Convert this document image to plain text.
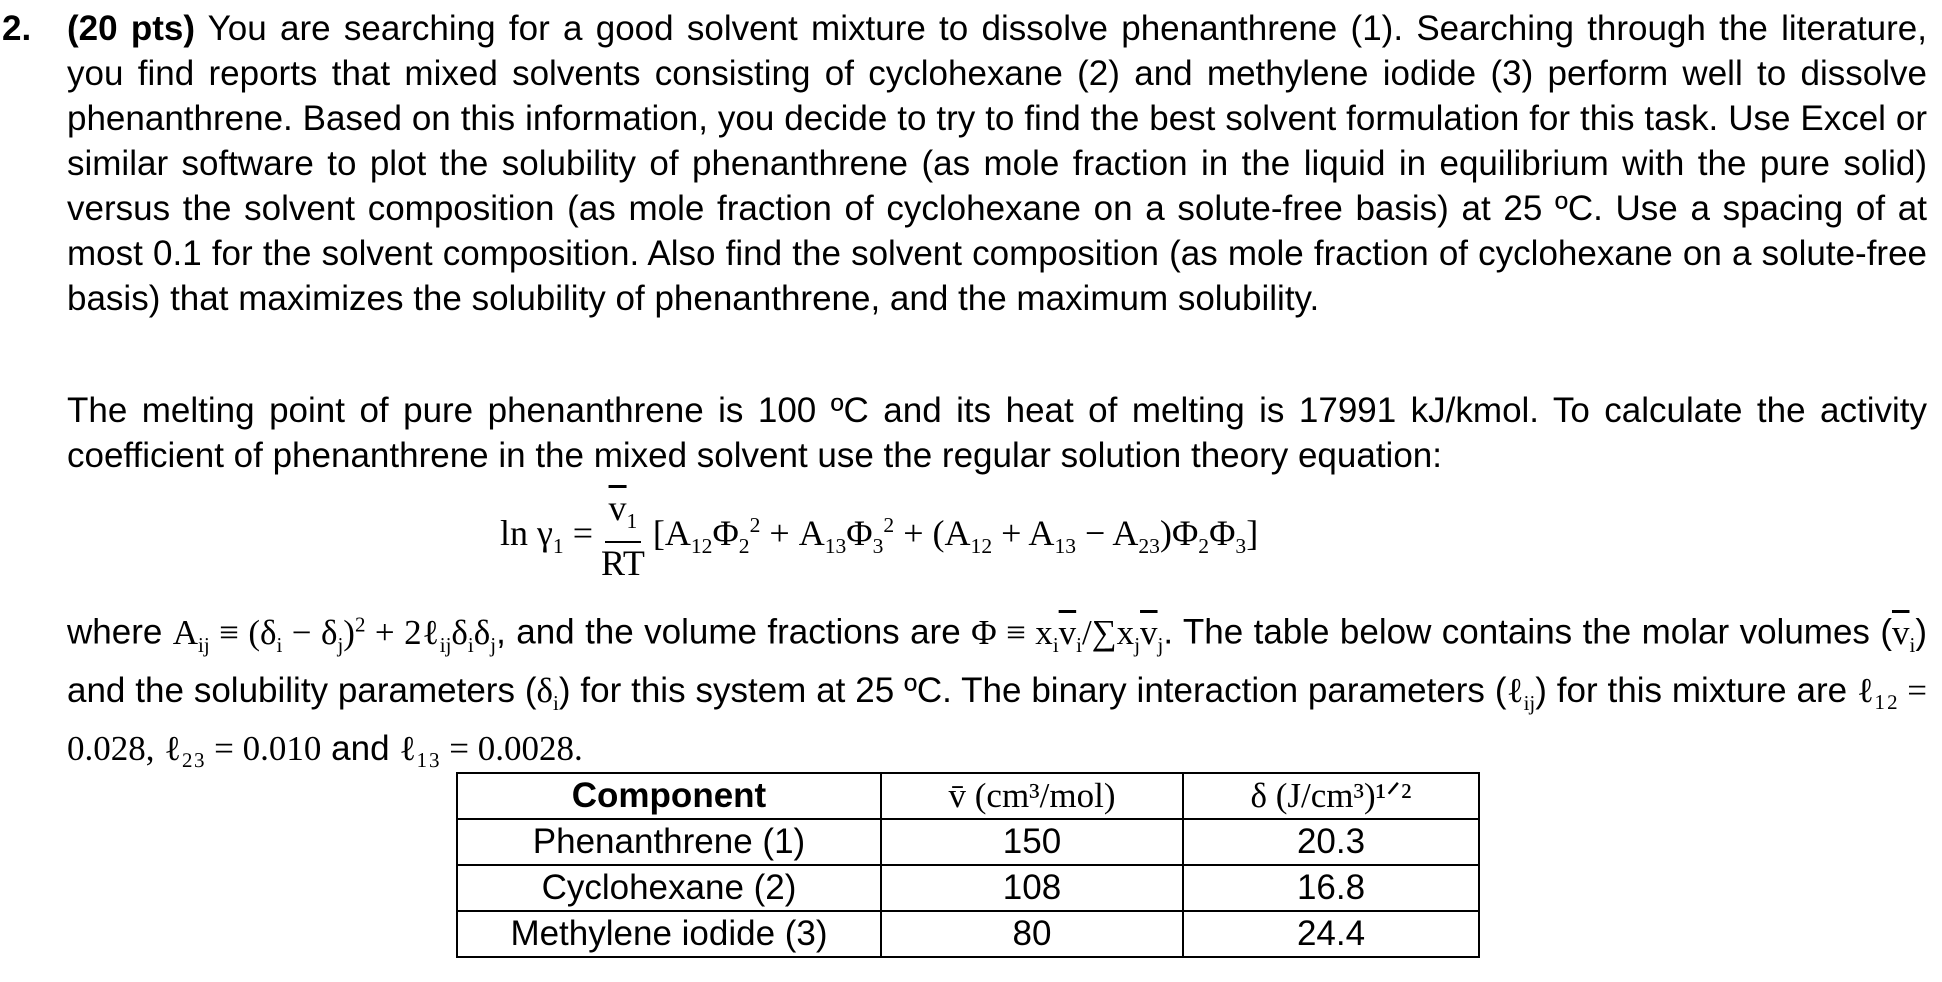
2. (20 pts) You are searching for a good solvent mixture to dissolve phenanthrene (1). Searching through the literature, you find reports that mixed solvents consisting of cyclohexane (2) and methylene iodide (3) perform well to dissolve phenanthrene. Based on this information, you decide to try to find the best solvent formulation for this task. Use Excel or similar software to plot the solubility of phenanthrene (as mole fraction in the liquid in equilibrium with the pure solid) versus the solvent composition (as mole fraction of cyclohexane on a solute-free basis) at 25 ºC. Use a spacing of at most 0.1 for the solvent composition. Also find the solvent composition (as mole fraction of cyclohexane on a solute-free basis) that maximizes the solubility of phenanthrene, and the maximum solubility.

The melting point of pure phenanthrene is 100 ºC and its heat of melting is 17991 kJ/kmol. To calculate the activity coefficient of phenanthrene in the mixed solvent use the regular solution theory equation:

$\ln \gamma_1 = \frac{\overline{v}_1}{RT} [A_{12}\Phi_2^2 + A_{13}\Phi_3^2 + (A_{12} + A_{13} - A_{23})\Phi_2\Phi_3]$

where $A_{ij} \equiv (\delta_i - \delta_j)^2$ + $2\ell_{ij}\delta_i\delta_j$, and the volume fractions are $\Phi \equiv x_i\overline{v}_i/\sum x_j\overline{v}_j$. The table below contains the molar volumes $(\overline{v}_i)$ and the solubility parameters $(\delta_i)$ for this system at 25 ºC. The binary interaction parameters (ℓ$_{ij}$) for this mixture are ℓ₁₂ = 0.028, ℓ₂₃ = 0.010 and ℓ₁₃ = 0.0028.

Component	v̄ (cm³/mol)	δ (J/cm³)¹ᐟ²
Phenanthrene (1)	150	20.3
Cyclohexane (2)	108	16.8
Methylene iodide (3)	80	24.4
